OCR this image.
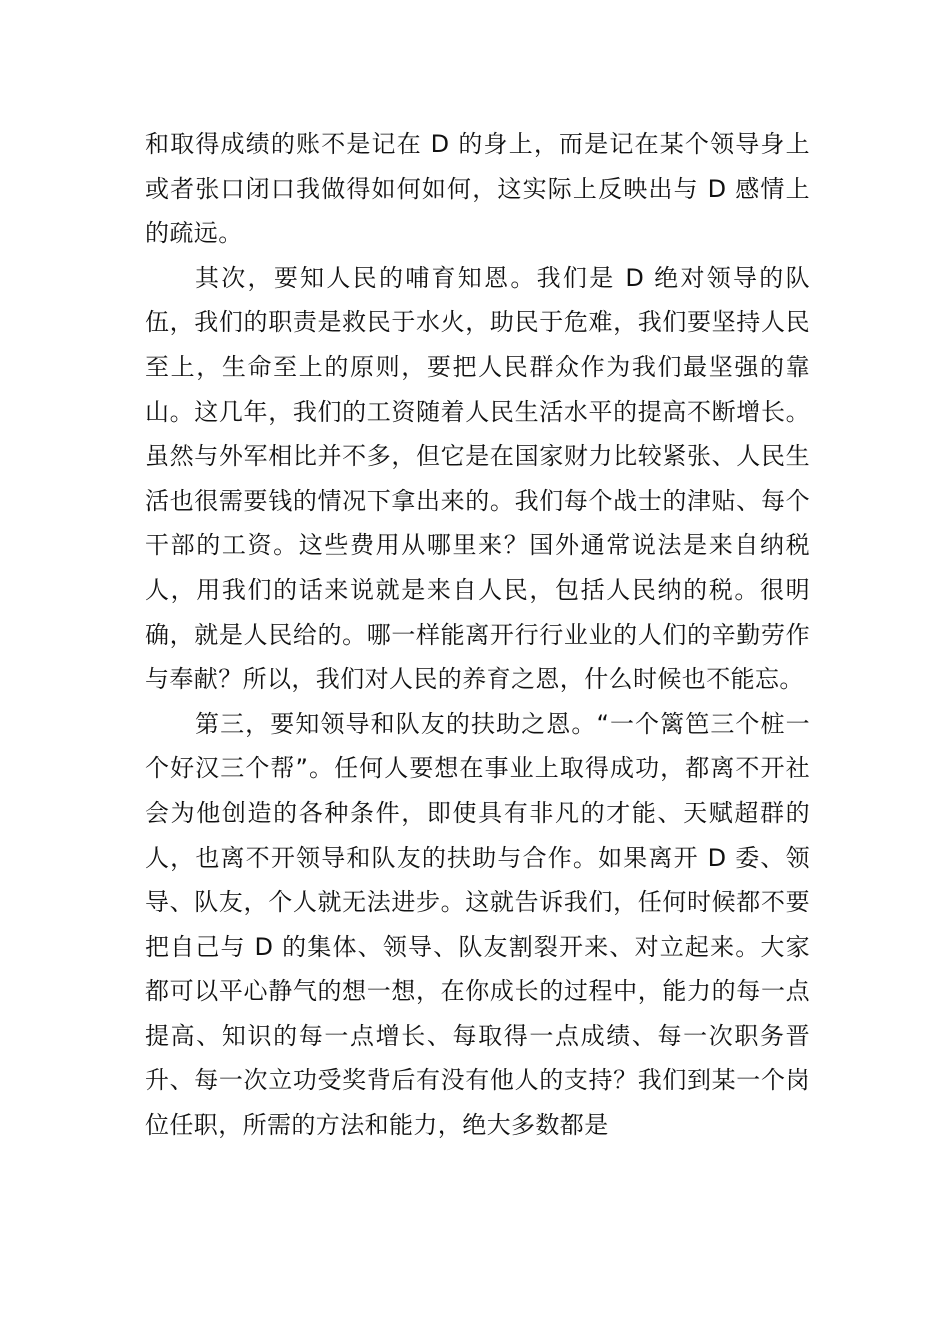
和取得成绩的账不是记在 D 的身上，而是记在某个领导身上或者张口闭口我做得如何如何，这实际上反映出与 D 感情上的疏远。

其次，要知人民的哺育知恩。我们是 D 绝对领导的队伍，我们的职责是救民于水火，助民于危难，我们要坚持人民至上，生命至上的原则，要把人民群众作为我们最坚强的靠山。这几年，我们的工资随着人民生活水平的提高不断增长。虽然与外军相比并不多，但它是在国家财力比较紧张、人民生活也很需要钱的情况下拿出来的。我们每个战士的津贴、每个干部的工资。这些费用从哪里来？国外通常说法是来自纳税人，用我们的话来说就是来自人民，包括人民纳的税。很明确，就是人民给的。哪一样能离开行行业业的人们的辛勤劳作与奉献？所以，我们对人民的养育之恩，什么时候也不能忘。

第三，要知领导和队友的扶助之恩。“一个篱笆三个桩一个好汉三个帮”。任何人要想在事业上取得成功，都离不开社会为他创造的各种条件，即使具有非凡的才能、天赋超群的人，也离不开领导和队友的扶助与合作。如果离开 D 委、领导、队友，个人就无法进步。这就告诉我们，任何时候都不要把自己与 D 的集体、领导、队友割裂开来、对立起来。大家都可以平心静气的想一想，在你成长的过程中，能力的每一点提高、知识的每一点增长、每取得一点成绩、每一次职务晋升、每一次立功受奖背后有没有他人的支持？我们到某一个岗位任职，所需的方法和能力，绝大多数都是
